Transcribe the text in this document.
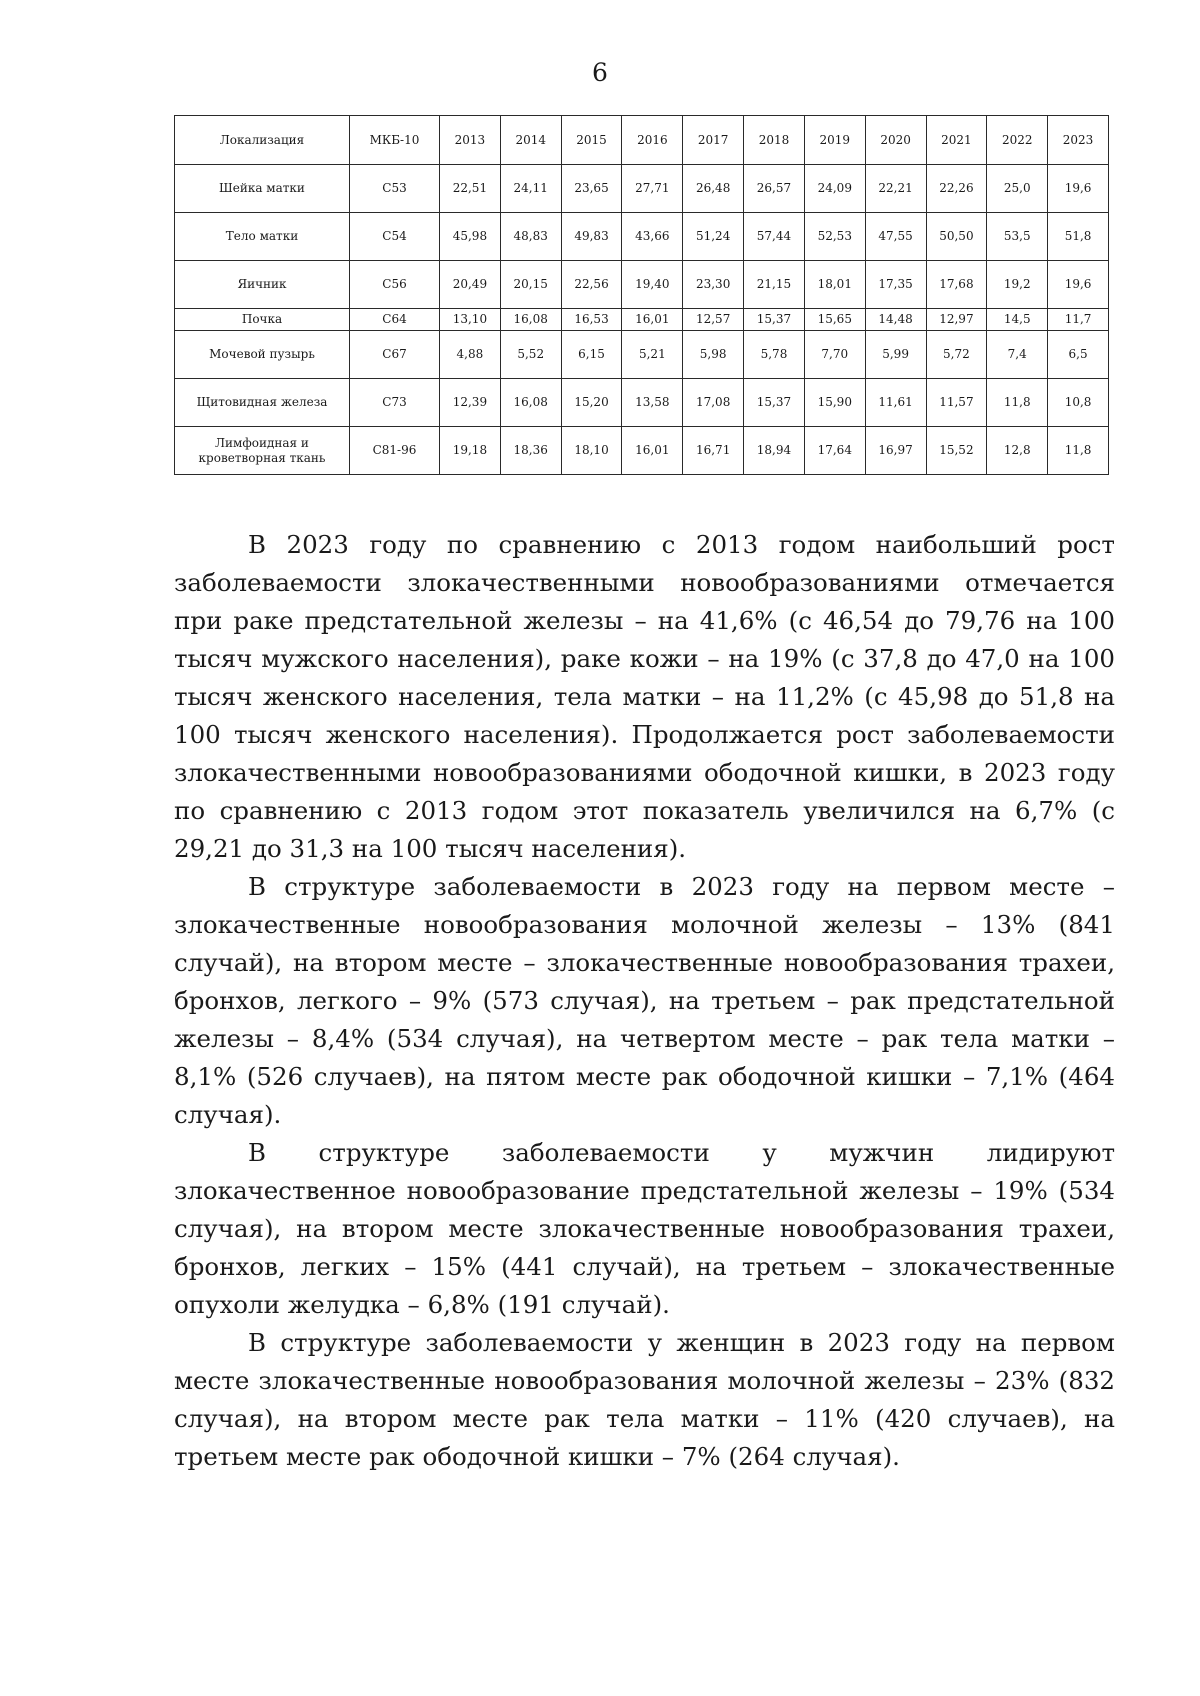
6
Локализация	МКБ-10	2013	2014	2015	2016	2017	2018	2019	2020	2021	2022	2023
Шейка матки	С53	22,51	24,11	23,65	27,71	26,48	26,57	24,09	22,21	22,26	25,0	19,6
Тело матки	С54	45,98	48,83	49,83	43,66	51,24	57,44	52,53	47,55	50,50	53,5	51,8
Яичник	С56	20,49	20,15	22,56	19,40	23,30	21,15	18,01	17,35	17,68	19,2	19,6
Почка	С64	13,10	16,08	16,53	16,01	12,57	15,37	15,65	14,48	12,97	14,5	11,7
Мочевой пузырь	С67	4,88	5,52	6,15	5,21	5,98	5,78	7,70	5,99	5,72	7,4	6,5
Щитовидная железа	С73	12,39	16,08	15,20	13,58	17,08	15,37	15,90	11,61	11,57	11,8	10,8
Лимфоидная и кроветворная ткань	С81-96	19,18	18,36	18,10	16,01	16,71	18,94	17,64	16,97	15,52	12,8	11,8

В 2023 году по сравнению с 2013 годом наибольший рост заболеваемости злокачественными новообразованиями отмечается при раке предстательной железы – на 41,6% (с 46,54 до 79,76 на 100 тысяч мужского населения), раке кожи – на 19% (с 37,8 до 47,0 на 100 тысяч женского населения, тела матки – на 11,2% (с 45,98 до 51,8 на 100 тысяч женского населения). Продолжается рост заболеваемости злокачественными новообразованиями ободочной кишки, в 2023 году по сравнению с 2013 годом этот показатель увеличился на 6,7% (с 29,21 до 31,3 на 100 тысяч населения).

В структуре заболеваемости в 2023 году на первом месте – злокачественные новообразования молочной железы – 13% (841 случай), на втором месте – злокачественные новообразования трахеи, бронхов, легкого – 9% (573 случая), на третьем – рак предстательной железы – 8,4% (534 случая), на четвертом месте – рак тела матки – 8,1% (526 случаев), на пятом месте рак ободочной кишки – 7,1% (464 случая).

В структуре заболеваемости у мужчин лидируют злокачественное новообразование предстательной железы – 19% (534 случая), на втором месте злокачественные новообразования трахеи, бронхов, легких – 15% (441 случай), на третьем – злокачественные опухоли желудка – 6,8% (191 случай).

В структуре заболеваемости у женщин в 2023 году на первом месте злокачественные новообразования молочной железы – 23% (832 случая), на втором месте рак тела матки – 11% (420 случаев), на третьем месте рак ободочной кишки – 7% (264 случая).
